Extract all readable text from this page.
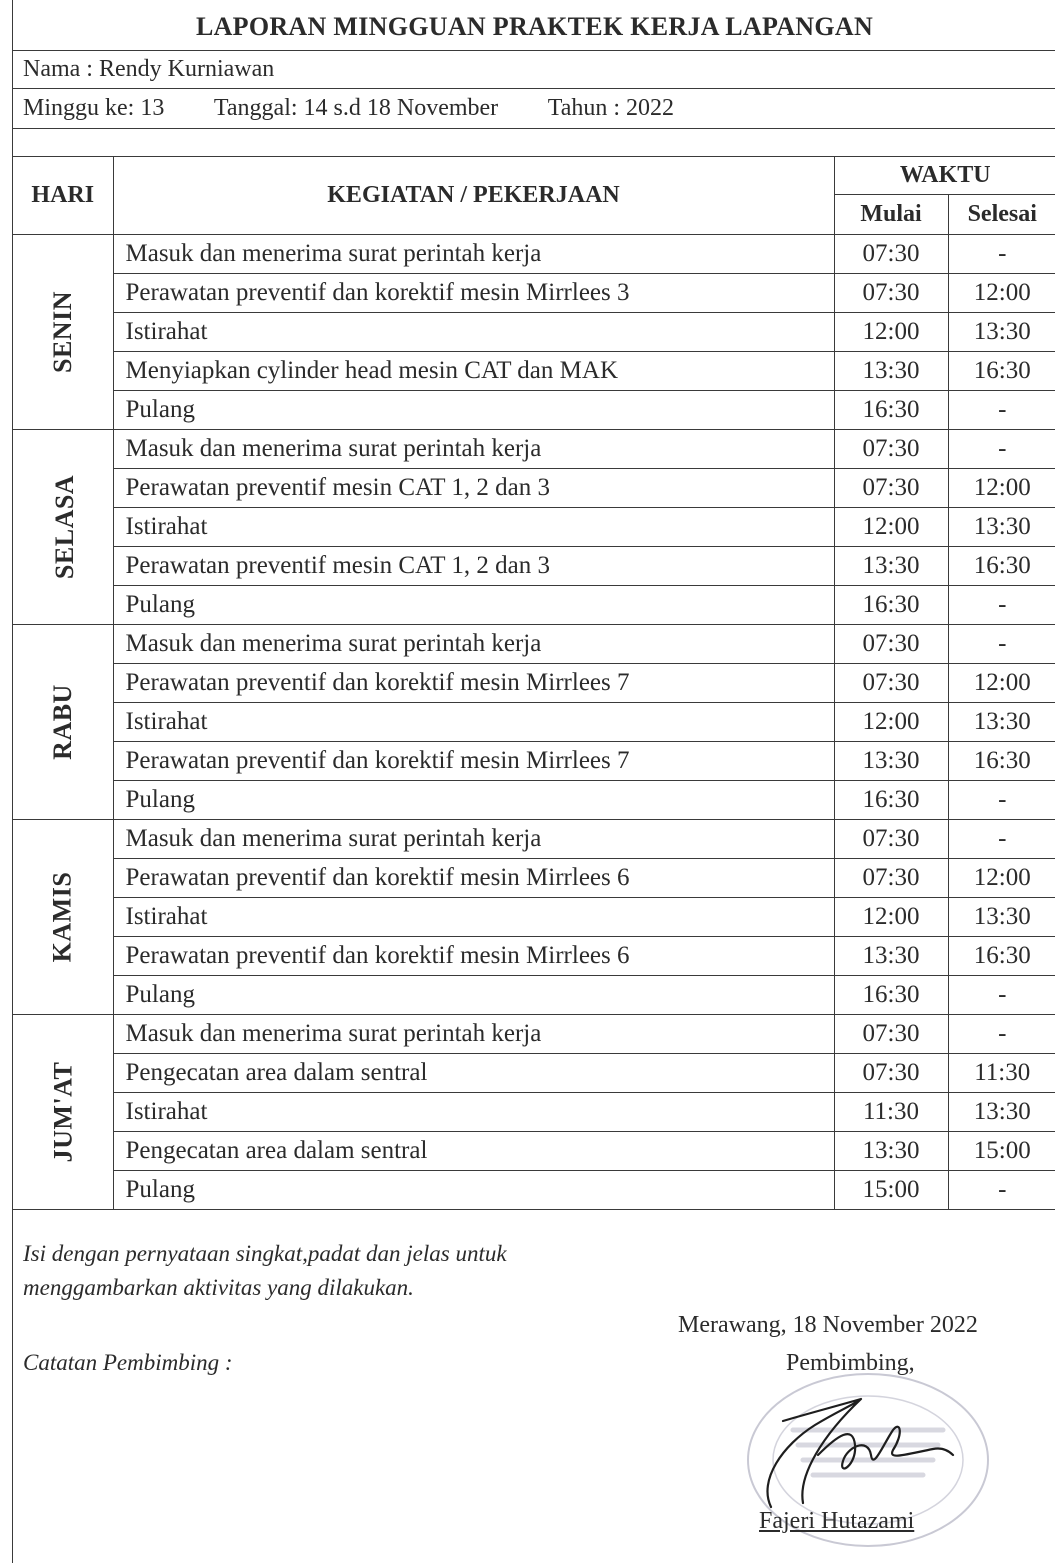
LAPORAN MINGGUAN PRAKTEK KERJA LAPANGAN
Nama : Rendy Kurniawan
Minggu ke: 13 Tanggal: 14 s.d 18 November Tahun : 2022
HARI	KEGIATAN / PEKERJAAN	WAKTU	
		Mulai	Selesai
SENIN	Masuk dan menerima surat perintah kerja	07:30	-
	Perawatan preventif dan korektif mesin Mirrlees 3	07:30	12:00
	Istirahat	12:00	13:30
	Menyiapkan cylinder head mesin CAT dan MAK	13:30	16:30
	Pulang	16:30	-
SELASA	Masuk dan menerima surat perintah kerja	07:30	-
	Perawatan preventif mesin CAT 1, 2 dan 3	07:30	12:00
	Istirahat	12:00	13:30
	Perawatan preventif mesin CAT 1, 2 dan 3	13:30	16:30
	Pulang	16:30	-
RABU	Masuk dan menerima surat perintah kerja	07:30	-
	Perawatan preventif dan korektif mesin Mirrlees 7	07:30	12:00
	Istirahat	12:00	13:30
	Perawatan preventif dan korektif mesin Mirrlees 7	13:30	16:30
	Pulang	16:30	-
KAMIS	Masuk dan menerima surat perintah kerja	07:30	-
	Perawatan preventif dan korektif mesin Mirrlees 6	07:30	12:00
	Istirahat	12:00	13:30
	Perawatan preventif dan korektif mesin Mirrlees 6	13:30	16:30
	Pulang	16:30	-
JUM'AT	Masuk dan menerima surat perintah kerja	07:30	-
	Pengecatan area dalam sentral	07:30	11:30
	Istirahat	11:30	13:30
	Pengecatan area dalam sentral	13:30	15:00
	Pulang	15:00	-
Isi dengan pernyataan singkat,padat dan jelas untuk
menggambarkan aktivitas yang dilakukan.
Catatan Pembimbing :
Merawang, 18 November 2022
Pembimbing,
Fajeri Hutazami
